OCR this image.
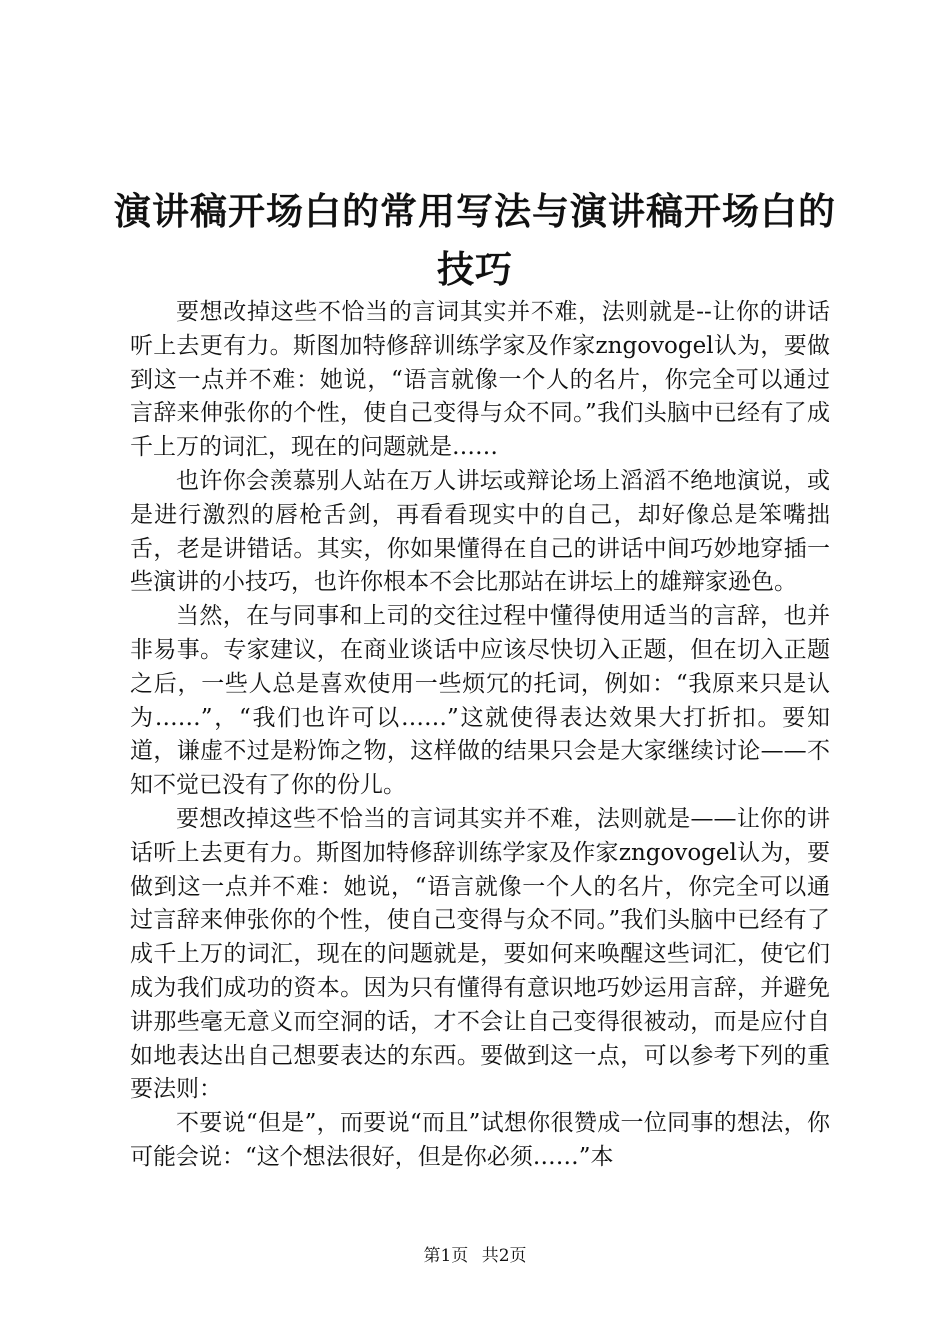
演讲稿开场白的常用写法与演讲稿开场白的技巧

要想改掉这些不恰当的言词其实并不难，法则就是--让你的讲话听上去更有力。斯图加特修辞训练学家及作家zngovogel认为，要做到这一点并不难：她说，“语言就像一个人的名片，你完全可以通过言辞来伸张你的个性，使自己变得与众不同。”我们头脑中已经有了成千上万的词汇，现在的问题就是……

也许你会羡慕别人站在万人讲坛或辩论场上滔滔不绝地演说，或是进行激烈的唇枪舌剑，再看看现实中的自己，却好像总是笨嘴拙舌，老是讲错话。其实，你如果懂得在自己的讲话中间巧妙地穿插一些演讲的小技巧，也许你根本不会比那站在讲坛上的雄辩家逊色。

当然，在与同事和上司的交往过程中懂得使用适当的言辞，也并非易事。专家建议，在商业谈话中应该尽快切入正题，但在切入正题之后，一些人总是喜欢使用一些烦冗的托词，例如：“我原来只是认为……”，“我们也许可以……”这就使得表达效果大打折扣。要知道，谦虚不过是粉饰之物，这样做的结果只会是大家继续讨论——不知不觉已没有了你的份儿。

要想改掉这些不恰当的言词其实并不难，法则就是——让你的讲话听上去更有力。斯图加特修辞训练学家及作家zngovogel认为，要做到这一点并不难：她说，“语言就像一个人的名片，你完全可以通过言辞来伸张你的个性，使自己变得与众不同。”我们头脑中已经有了成千上万的词汇，现在的问题就是，要如何来唤醒这些词汇，使它们成为我们成功的资本。因为只有懂得有意识地巧妙运用言辞，并避免讲那些毫无意义而空洞的话，才不会让自己变得很被动，而是应付自如地表达出自己想要表达的东西。要做到这一点，可以参考下列的重要法则：

不要说“但是”，而要说“而且”试想你很赞成一位同事的想法，你可能会说：“这个想法很好，但是你必须……”本

第1页 共2页
